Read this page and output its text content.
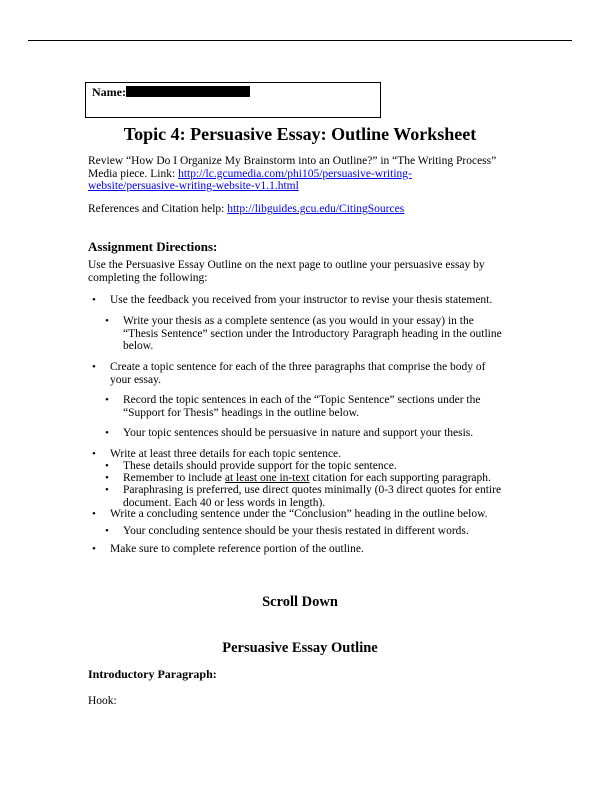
Name:
Topic 4: Persuasive Essay: Outline Worksheet
Review “How Do I Organize My Brainstorm into an Outline?” in “The Writing Process” Media piece. Link: http://lc.gcumedia.com/phi105/persuasive-writing-
website/persuasive-writing-website-v1.1.html
References and Citation help: http://libguides.gcu.edu/CitingSources
Assignment Directions:
Use the Persuasive Essay Outline on the next page to outline your persuasive essay by
completing the following:
• Use the feedback you received from your instructor to revise your thesis statement.
• Write your thesis as a complete sentence (as you would in your essay) in the
“Thesis Sentence” section under the Introductory Paragraph heading in the outline
below.
• Create a topic sentence for each of the three paragraphs that comprise the body of
your essay.
• Record the topic sentences in each of the “Topic Sentence” sections under the
“Support for Thesis” headings in the outline below.
• Your topic sentences should be persuasive in nature and support your thesis.
• Write at least three details for each topic sentence.
• These details should provide support for the topic sentence.
• Remember to include at least one in-text citation for each supporting paragraph.
• Paraphrasing is preferred, use direct quotes minimally (0-3 direct quotes for entire
document. Each 40 or less words in length).
• Write a concluding sentence under the “Conclusion” heading in the outline below.
• Your concluding sentence should be your thesis restated in different words.
• Make sure to complete reference portion of the outline.
Scroll Down
Persuasive Essay Outline
Introductory Paragraph:
Hook:
